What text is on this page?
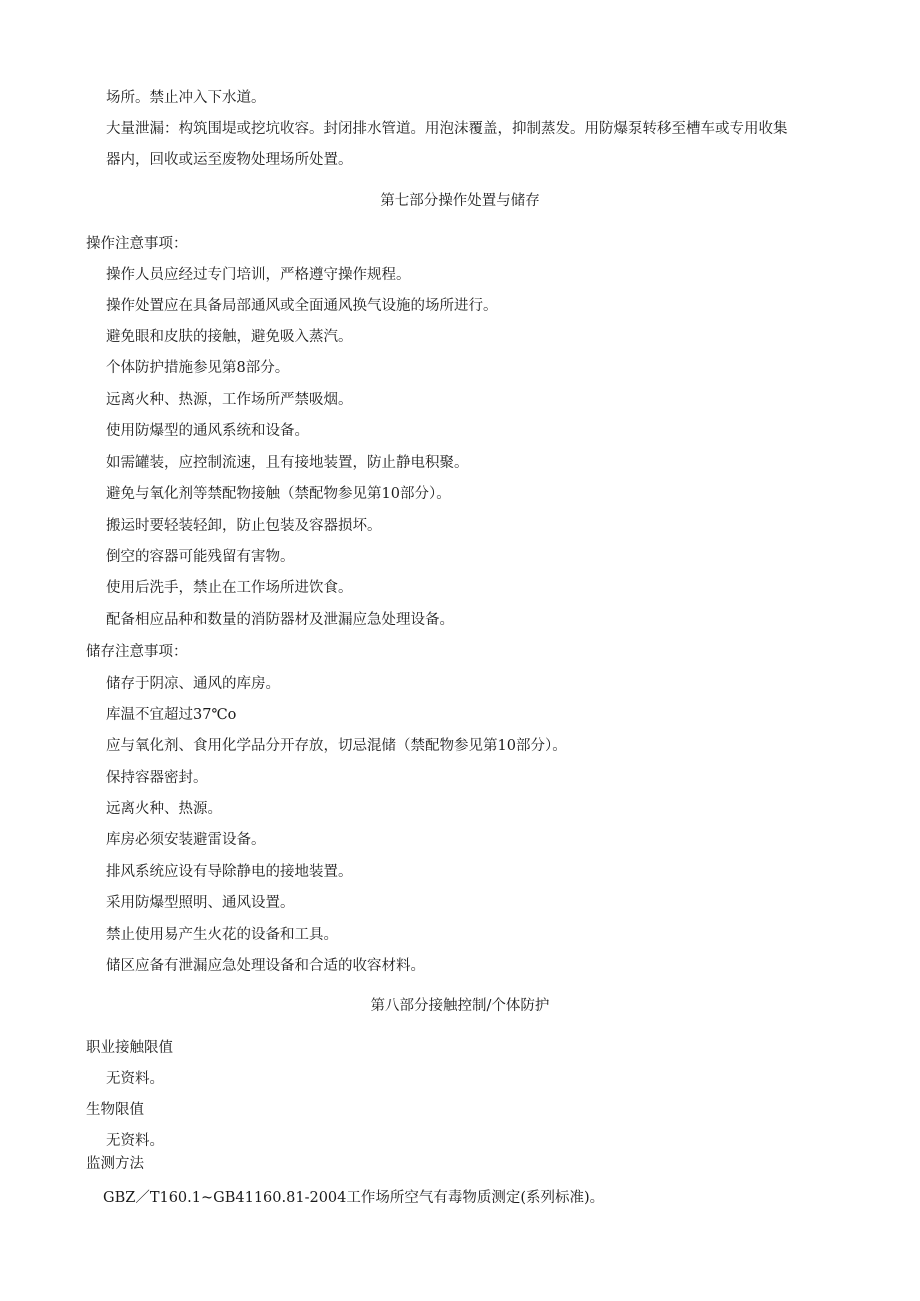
场所。禁止冲入下水道。
大量泄漏：构筑围堤或挖坑收容。封闭排水管道。用泡沫覆盖，抑制蒸发。用防爆泵转移至槽车或专用收集
器内，回收或运至废物处理场所处置。
第七部分操作处置与储存
操作注意事项：
操作人员应经过专门培训，严格遵守操作规程。
操作处置应在具备局部通风或全面通风换气设施的场所进行。
避免眼和皮肤的接触，避免吸入蒸汽。
个体防护措施参见第8部分。
远离火种、热源，工作场所严禁吸烟。
使用防爆型的通风系统和设备。
如需罐装，应控制流速，且有接地装置，防止静电积聚。
避免与氧化剂等禁配物接触（禁配物参见第10部分）。
搬运时要轻装轻卸，防止包装及容器损坏。
倒空的容器可能残留有害物。
使用后洗手，禁止在工作场所进饮食。
配备相应品种和数量的消防器材及泄漏应急处理设备。
储存注意事项：
储存于阴凉、通风的库房。
库温不宜超过37℃o
应与氧化剂、食用化学品分开存放，切忌混储（禁配物参见第10部分）。
保持容器密封。
远离火种、热源。
库房必须安装避雷设备。
排风系统应设有导除静电的接地装置。
采用防爆型照明、通风设置。
禁止使用易产生火花的设备和工具。
储区应备有泄漏应急处理设备和合适的收容材料。
第八部分接触控制/个体防护
职业接触限值
无资料。
生物限值
无资料。
监测方法
GBZ／T160.1~GB41160.81-2004工作场所空气有毒物质测定(系列标准)。
